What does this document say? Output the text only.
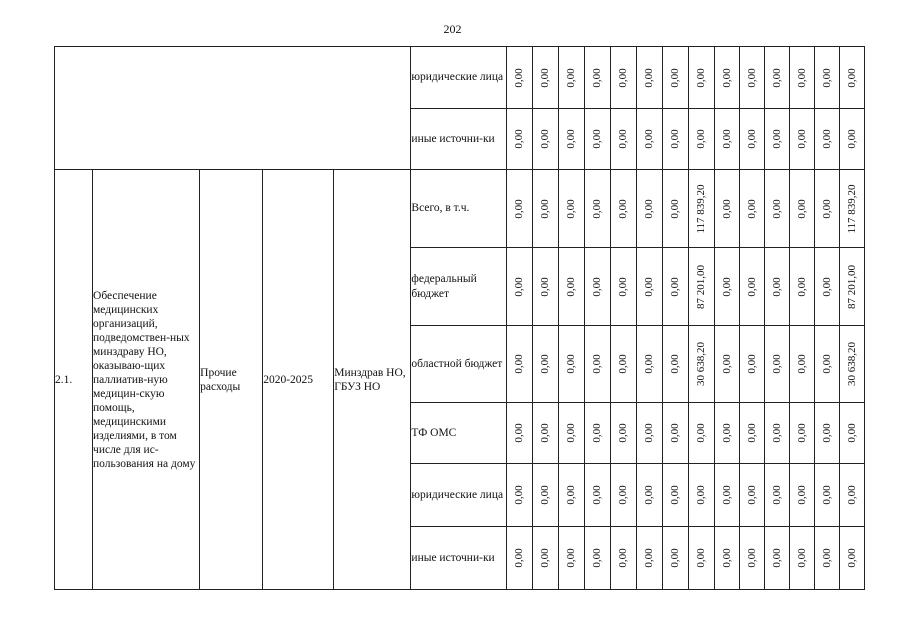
202
					юридические лица	0,00	0,00	0,00	0,00	0,00	0,00	0,00	0,00	0,00	0,00	0,00	0,00	0,00	0,00

					иные источни-ки	0,00	0,00	0,00	0,00	0,00	0,00	0,00	0,00	0,00	0,00	0,00	0,00	0,00	0,00

2.1.	Обеспечение медицинских организаций, подведомствен-ных минздраву НО, оказываю-щих паллиатив-ную медицин-скую помощь, медицинскими изделиями, в том числе для ис-пользования на дому	Прочие расходы	2020-2025	Минздрав НО, ГБУЗ НО	Всего, в т.ч.	0,00	0,00	0,00	0,00	0,00	0,00	0,00	117 839,20	0,00	0,00	0,00	0,00	0,00	117 839,20

					федеральный бюджет	0,00	0,00	0,00	0,00	0,00	0,00	0,00	87 201,00	0,00	0,00	0,00	0,00	0,00	87 201,00

					областной бюджет	0,00	0,00	0,00	0,00	0,00	0,00	0,00	30 638,20	0,00	0,00	0,00	0,00	0,00	30 638,20

					ТФ ОМС	0,00	0,00	0,00	0,00	0,00	0,00	0,00	0,00	0,00	0,00	0,00	0,00	0,00	0,00

					юридические лица	0,00	0,00	0,00	0,00	0,00	0,00	0,00	0,00	0,00	0,00	0,00	0,00	0,00	0,00

					иные источни-ки	0,00	0,00	0,00	0,00	0,00	0,00	0,00	0,00	0,00	0,00	0,00	0,00	0,00	0,00
